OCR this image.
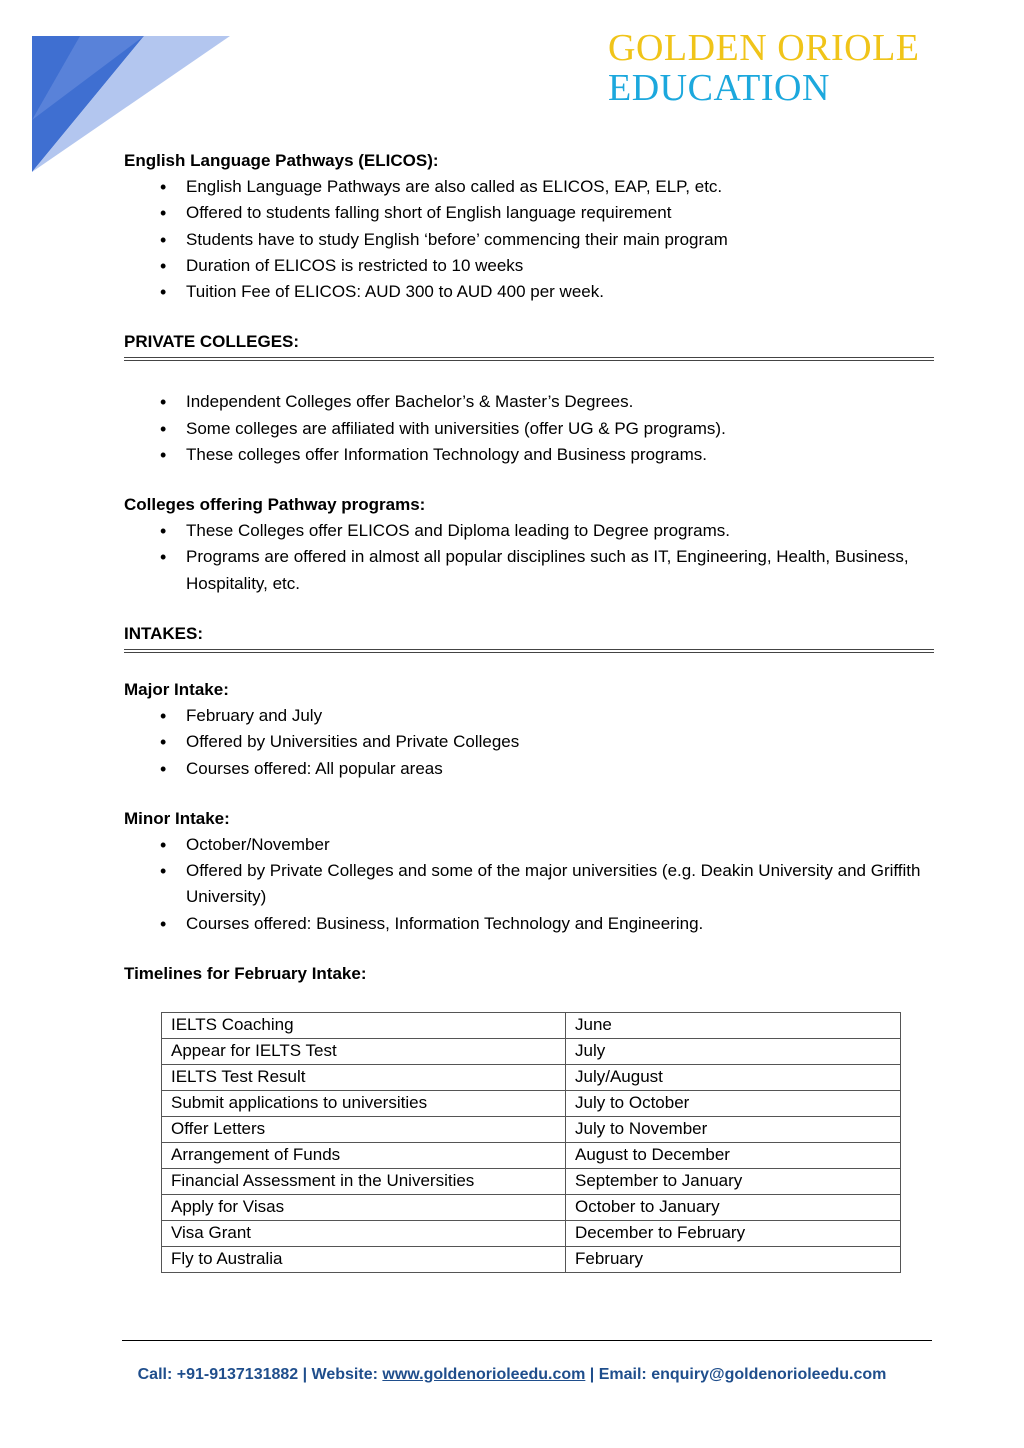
GOLDEN ORIOLE
EDUCATION

English Language Pathways (ELICOS):

• English Language Pathways are also called as ELICOS, EAP, ELP, etc.
• Offered to students falling short of English language requirement
• Students have to study English ‘before’ commencing their main program
• Duration of ELICOS is restricted to 10 weeks
• Tuition Fee of ELICOS: AUD 300 to AUD 400 per week.

PRIVATE COLLEGES:

• Independent Colleges offer Bachelor’s & Master’s Degrees.
• Some colleges are affiliated with universities (offer UG & PG programs).
• These colleges offer Information Technology and Business programs.

Colleges offering Pathway programs:

• These Colleges offer ELICOS and Diploma leading to Degree programs.
• Programs are offered in almost all popular disciplines such as IT, Engineering, Health, Business, Hospitality, etc.

INTAKES:

Major Intake:

• February and July
• Offered by Universities and Private Colleges
• Courses offered: All popular areas

Minor Intake:

• October/November
• Offered by Private Colleges and some of the major universities (e.g. Deakin University and Griffith University)
• Courses offered: Business, Information Technology and Engineering.

Timelines for February Intake:

IELTS Coaching	June
Appear for IELTS Test	July
IELTS Test Result	July/August
Submit applications to universities	July to October
Offer Letters	July to November
Arrangement of Funds	August to December
Financial Assessment in the Universities	September to January
Apply for Visas	October to January
Visa Grant	December to February
Fly to Australia	February
Call: +91-9137131882 | Website: www.goldenorioleedu.com | Email: enquiry@goldenorioleedu.com
